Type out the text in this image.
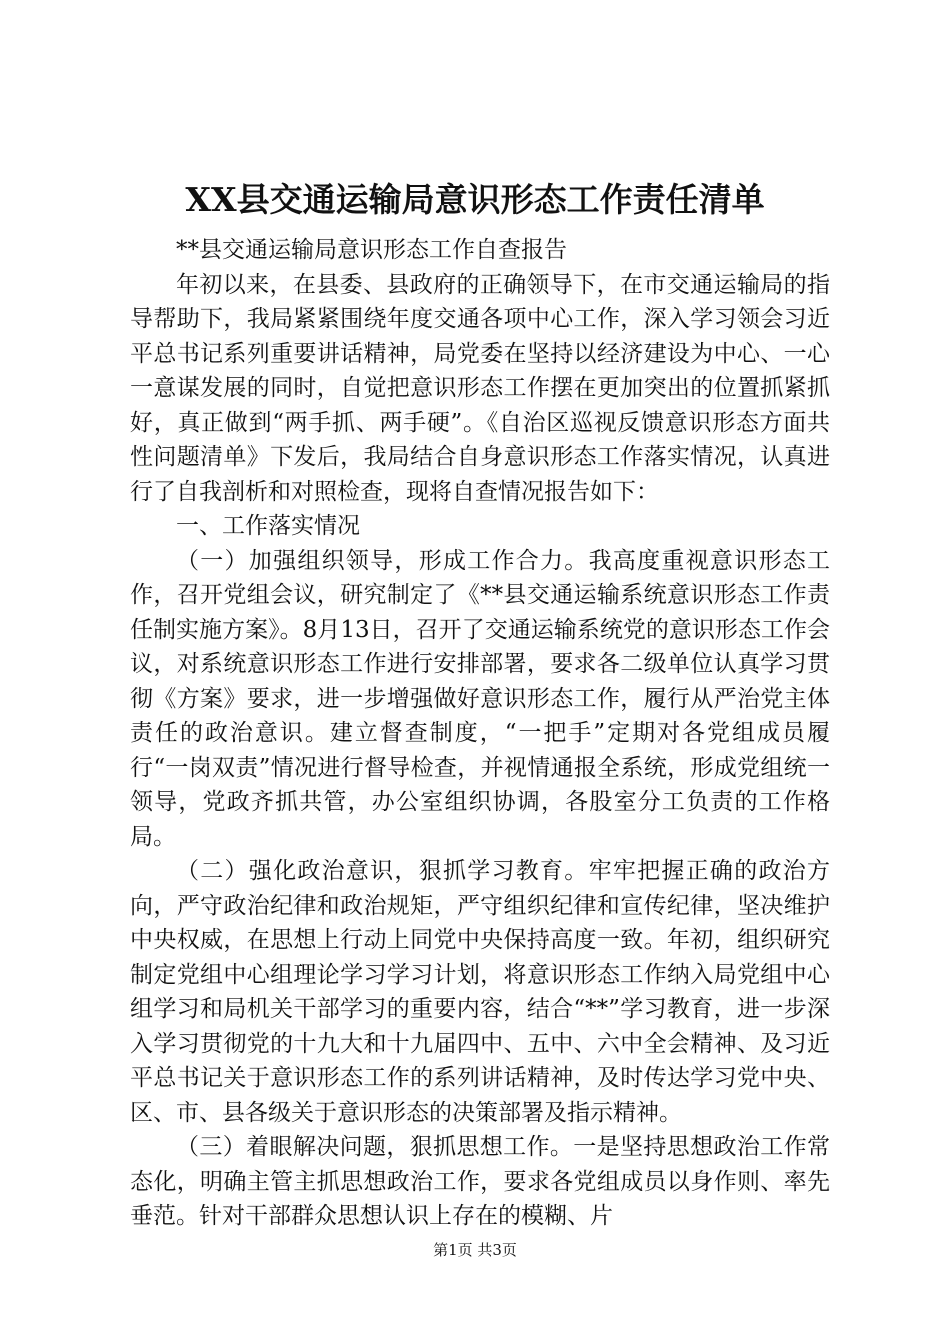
XX县交通运输局意识形态工作责任清单

**县交通运输局意识形态工作自查报告

年初以来，在县委、县政府的正确领导下，在市交通运输局的指导帮助下，我局紧紧围绕年度交通各项中心工作，深入学习领会习近平总书记系列重要讲话精神，局党委在坚持以经济建设为中心、一心一意谋发展的同时，自觉把意识形态工作摆在更加突出的位置抓紧抓好，真正做到“两手抓、两手硬”。《自治区巡视反馈意识形态方面共性问题清单》下发后，我局结合自身意识形态工作落实情况，认真进行了自我剖析和对照检查，现将自查情况报告如下：

一、工作落实情况

（一）加强组织领导，形成工作合力。我高度重视意识形态工作，召开党组会议，研究制定了《**县交通运输系统意识形态工作责任制实施方案》。8月13日，召开了交通运输系统党的意识形态工作会议，对系统意识形态工作进行安排部署，要求各二级单位认真学习贯彻《方案》要求，进一步增强做好意识形态工作，履行从严治党主体责任的政治意识。建立督查制度，“一把手”定期对各党组成员履行“一岗双责”情况进行督导检查，并视情通报全系统，形成党组统一领导，党政齐抓共管，办公室组织协调，各股室分工负责的工作格局。

（二）强化政治意识，狠抓学习教育。牢牢把握正确的政治方向，严守政治纪律和政治规矩，严守组织纪律和宣传纪律，坚决维护中央权威，在思想上行动上同党中央保持高度一致。年初，组织研究制定党组中心组理论学习学习计划，将意识形态工作纳入局党组中心组学习和局机关干部学习的重要内容，结合“**”学习教育，进一步深入学习贯彻党的十九大和十九届四中、五中、六中全会精神、及习近平总书记关于意识形态工作的系列讲话精神，及时传达学习党中央、区、市、县各级关于意识形态的决策部署及指示精神。

（三）着眼解决问题，狠抓思想工作。一是坚持思想政治工作常态化，明确主管主抓思想政治工作，要求各党组成员以身作则、率先垂范。针对干部群众思想认识上存在的模糊、片

第1页 共3页
